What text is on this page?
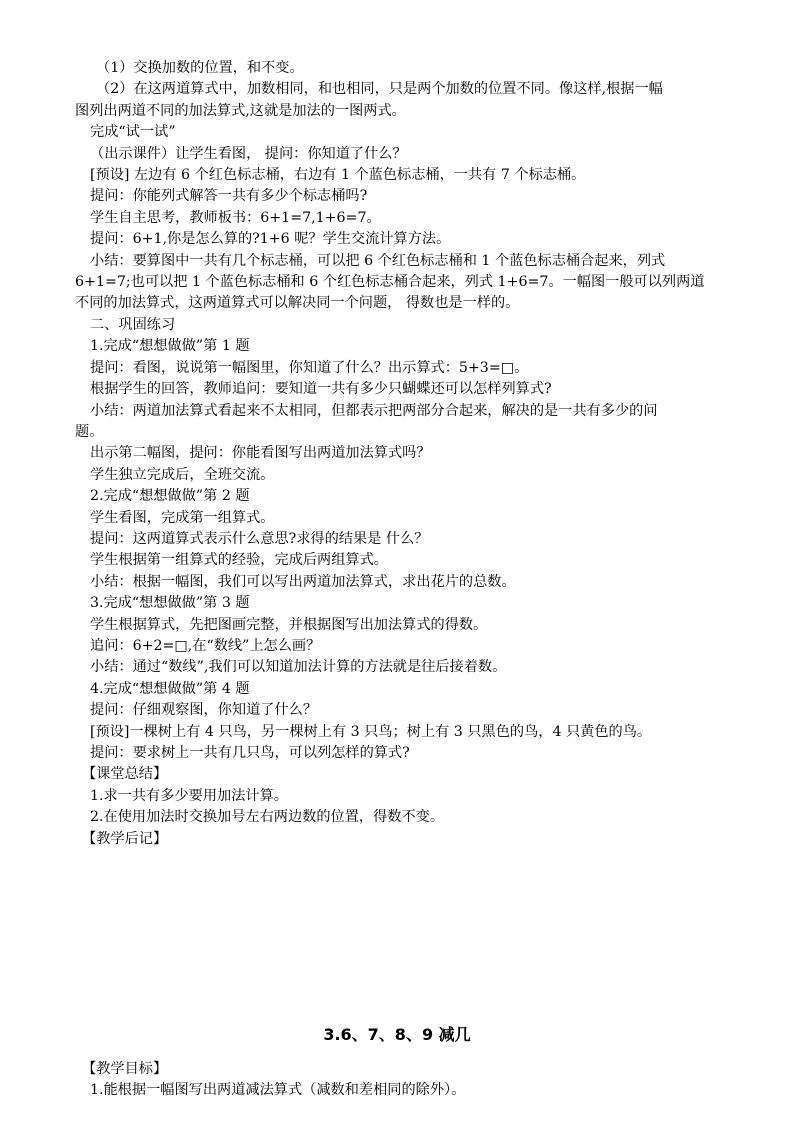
（1）交换加数的位置，和不变。
（2）在这两道算式中，加数相同，和也相同，只是两个加数的位置不同。像这样,根据一幅
图列出两道不同的加法算式,这就是加法的一图两式。
完成“试一试”
（出示课件）让学生看图， 提问：你知道了什么？
[预设] 左边有 6 个红色标志桶，右边有 1 个蓝色标志桶，一共有 7 个标志桶。
提问：你能列式解答一共有多少个标志桶吗?
学生自主思考，教师板书：6+1=7,1+6=7。
提问：6+1,你是怎么算的?1+6 呢？学生交流计算方法。
小结：要算图中一共有几个标志桶，可以把 6 个红色标志桶和 1 个蓝色标志桶合起来，列式
6+1=7;也可以把 1 个蓝色标志桶和 6 个红色标志桶合起来，列式 1+6=7。一幅图一般可以列两道
不同的加法算式，这两道算式可以解决同一个问题， 得数也是一样的。
二、巩固练习
1.完成“想想做做”第 1 题
提问：看图，说说第一幅图里，你知道了什么？出示算式：5+3=□。
根据学生的回答，教师追问：要知道一共有多少只蝴蝶还可以怎样列算式?
小结：两道加法算式看起来不太相同，但都表示把两部分合起来，解决的是一共有多少的问
题。
出示第二幅图，提问：你能看图写出两道加法算式吗？
学生独立完成后，全班交流。
2.完成“想想做做”第 2 题
学生看图，完成第一组算式。
提问：这两道算式表示什么意思?求得的结果是 什么？
学生根据第一组算式的经验，完成后两组算式。
小结：根据一幅图，我们可以写出两道加法算式，求出花片的总数。
3.完成“想想做做”第 3 题
学生根据算式，先把图画完整，并根据图写出加法算式的得数。
追问：6+2=□,在“数线”上怎么画？
小结：通过“数线”,我们可以知道加法计算的方法就是往后接着数。
4.完成“想想做做”第 4 题
提问：仔细观察图，你知道了什么？
[预设]一棵树上有 4 只鸟，另一棵树上有 3 只鸟；树上有 3 只黑色的鸟，4 只黄色的鸟。
提问：要求树上一共有几只鸟，可以列怎样的算式?
【课堂总结】
1.求一共有多少要用加法计算。
2.在使用加法时交换加号左右两边数的位置，得数不变。
【教学后记】
3.6、7、8、9 减几
【教学目标】
1.能根据一幅图写出两道减法算式（减数和差相同的除外）。
